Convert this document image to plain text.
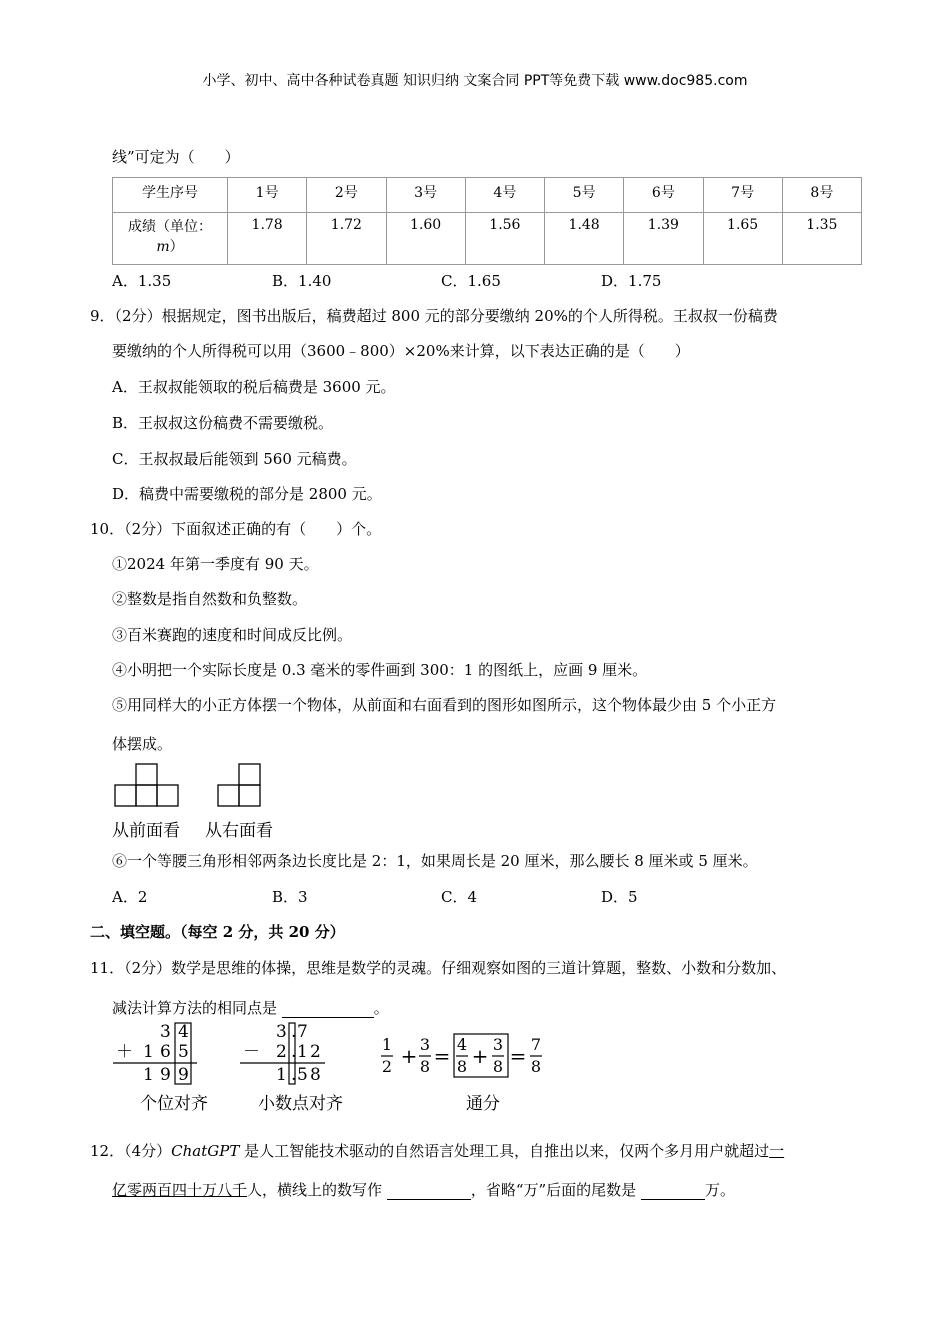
小学、初中、高中各种试卷真题 知识归纳 文案合同 PPT等免费下载 www.doc985.com
线”可定为（　　）
学生序号	1号	2号	3号	4号	5号	6号	7号	8号
成绩（单位：
m）	1.78	1.72	1.60	1.56	1.48	1.39	1.65	1.35
A．1.35	B．1.40	C．1.65	D．1.75
9．（2分）根据规定，图书出版后，稿费超过 800 元的部分要缴纳 20%的个人所得税。王叔叔一份稿费
要缴纳的个人所得税可以用（3600﹣800）×20%来计算，以下表达正确的是（　　）
A．王叔叔能领取的税后稿费是 3600 元。
B．王叔叔这份稿费不需要缴税。
C．王叔叔最后能领到 560 元稿费。
D．稿费中需要缴税的部分是 2800 元。
10．（2分）下面叙述正确的有（　　）个。
①2024 年第一季度有 90 天。
②整数是指自然数和负整数。
③百米赛跑的速度和时间成反比例。
④小明把一个实际长度是 0.3 毫米的零件画到 300：1 的图纸上，应画 9 厘米。
⑤用同样大的小正方体摆一个物体，从前面和右面看到的图形如图所示，这个物体最少由 5 个小正方
体摆成。
从前面看 从右面看
⑥一个等腰三角形相邻两条边长度比是 2：1，如果周长是 20 厘米，那么腰长 8 厘米或 5 厘米。
A．2	B．3	C．4	D．5
二、填空题。（每空 2 分，共 20 分）
11．（2分）数学是思维的体操，思维是数学的灵魂。仔细观察如图的三道计算题，整数、小数和分数加、
减法计算方法的相同点是	。
3 4
＋ 1 6 5
1 9 9
3 . 7
－ 2 . 1 2
1 . 5 8
1
2 + 3
8 = 4
8 + 3
8 = 7
8
个位对齐	小数点对齐	通分
12．（4分）ChatGPT 是人工智能技术驱动的自然语言处理工具，自推出以来，仅两个多月用户就超过一
亿零两百四十万八千人，横线上的数写作	，省略“万”后面的尾数是	万。
